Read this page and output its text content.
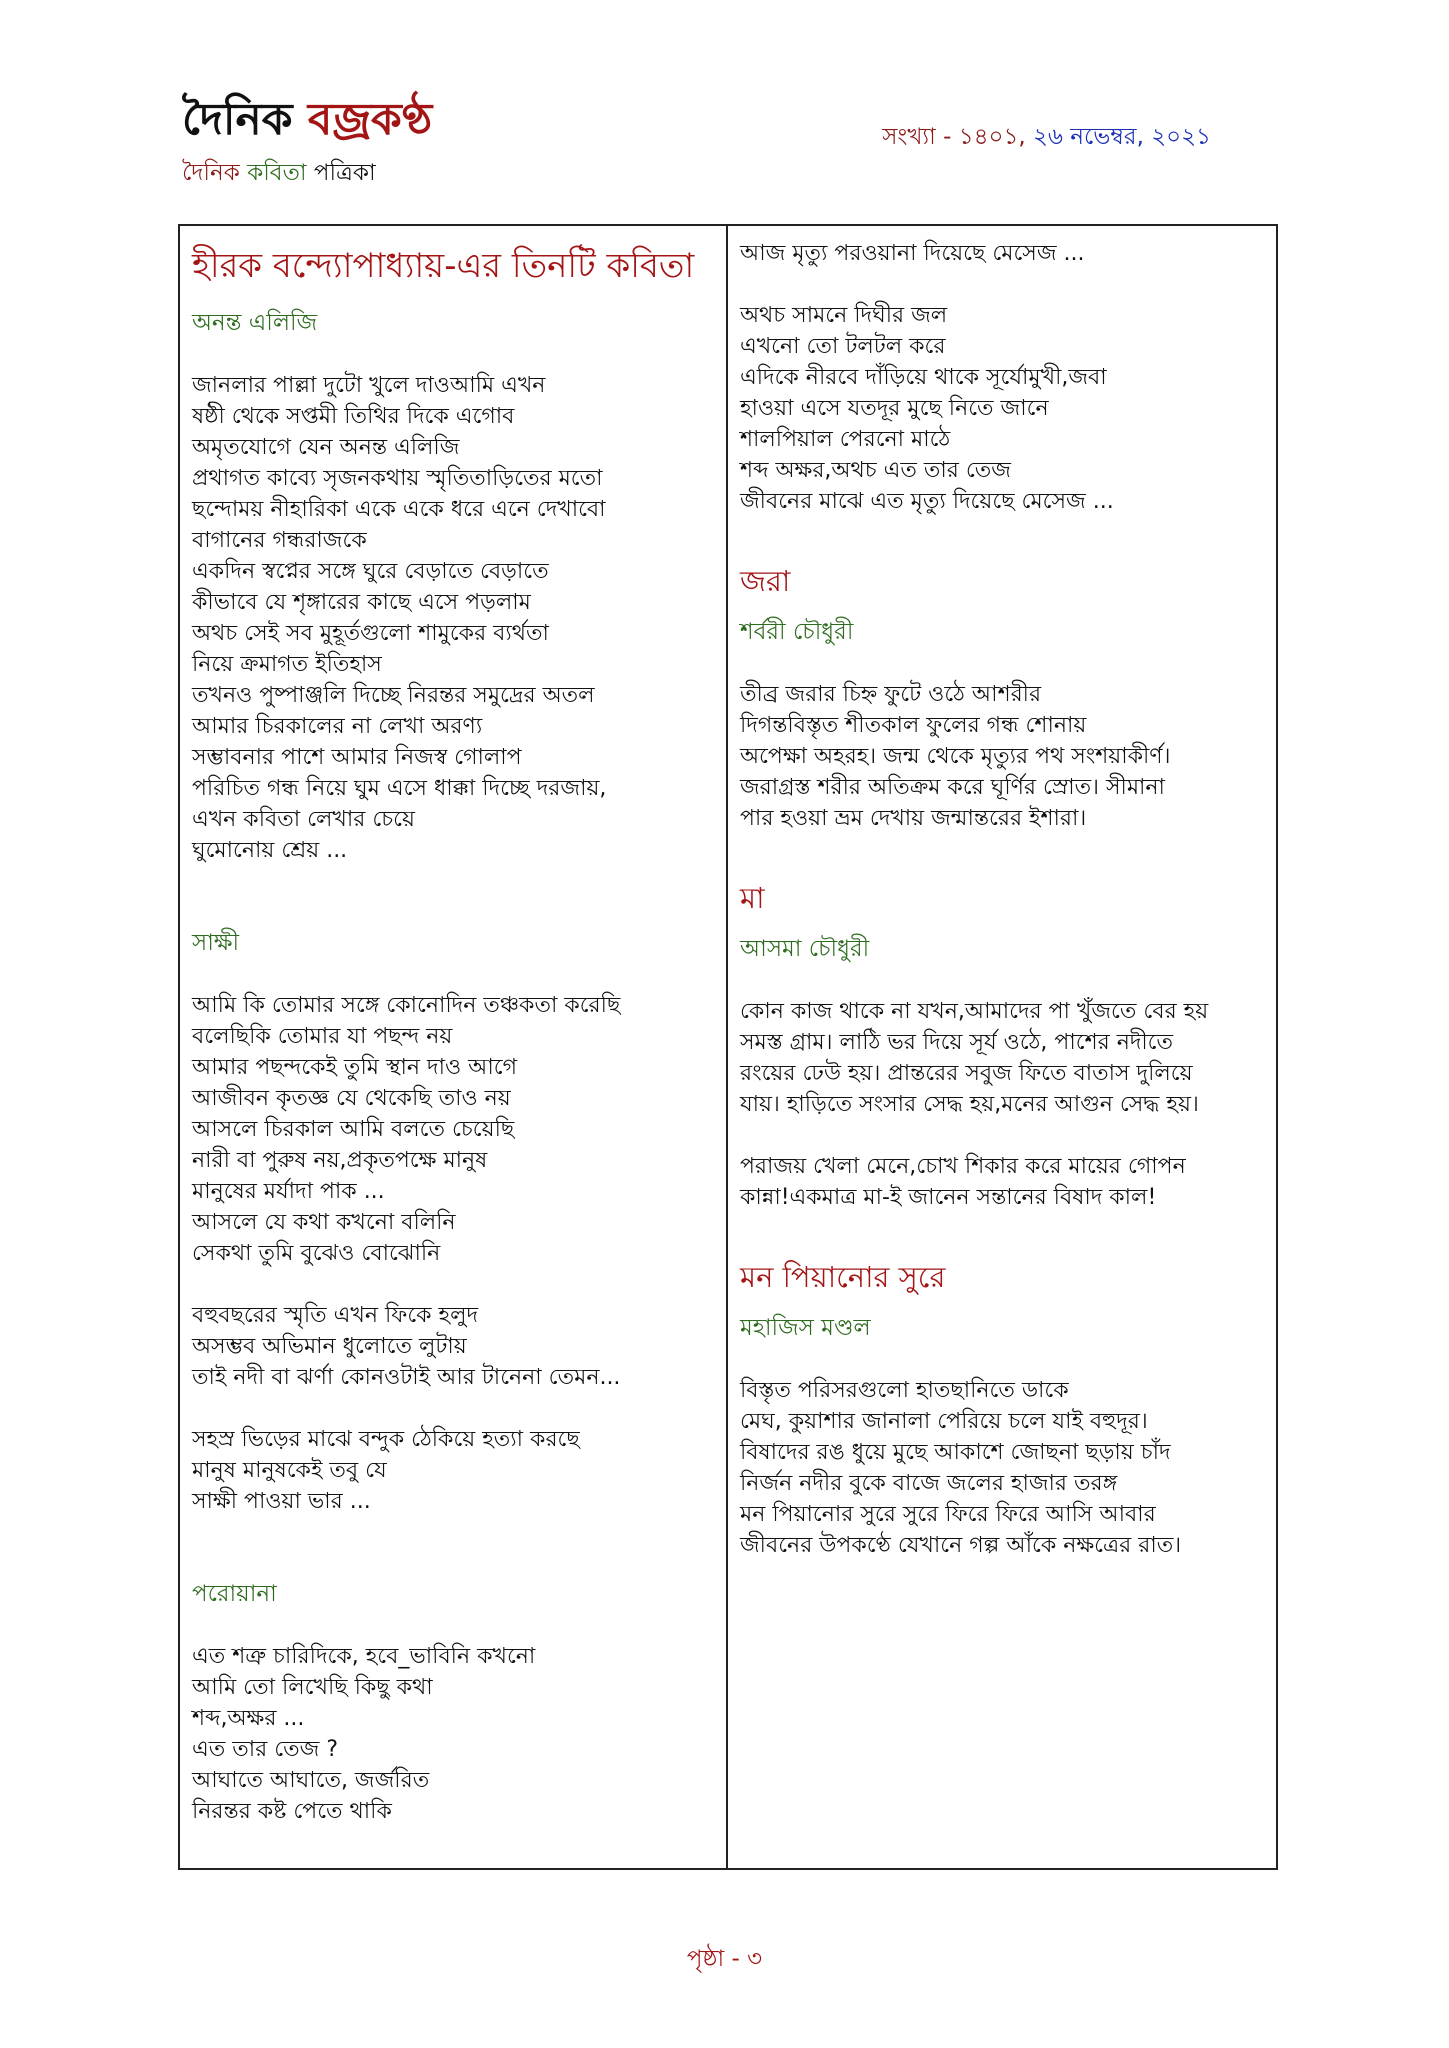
দৈনিক বজ্রকণ্ঠ
দৈনিক কবিতা পত্রিকা
সংখ্যা - ১৪০১, ২৬ নভেম্বর, ২০২১
হীরক বন্দ্যোপাধ্যায়-এর তিনটি কবিতা
অনন্ত এলিজি
জানলার পাল্লা দুটো খুলে দাওআমি এখন
ষষ্ঠী থেকে সপ্তমী তিথির দিকে এগোব
অমৃতযোগে যেন অনন্ত এলিজি
প্রথাগত কাব্যে সৃজনকথায় স্মৃতিতাড়িতের মতো
ছন্দোময় নীহারিকা একে একে ধরে এনে দেখাবো
বাগানের গন্ধরাজকে
একদিন স্বপ্নের সঙ্গে ঘুরে বেড়াতে বেড়াতে
কীভাবে যে শৃঙ্গারের কাছে এসে পড়লাম
অথচ সেই সব মুহূর্তগুলো শামুকের ব্যর্থতা
নিয়ে ক্রমাগত ইতিহাস
তখনও পুষ্পাঞ্জলি দিচ্ছে নিরন্তর সমুদ্রের অতল
আমার চিরকালের না লেখা অরণ্য
সম্ভাবনার পাশে আমার নিজস্ব গোলাপ
পরিচিত গন্ধ নিয়ে ঘুম এসে ধাক্কা দিচ্ছে দরজায়,
এখন কবিতা লেখার চেয়ে
ঘুমোনোয় শ্রেয় ...
সাক্ষী
আমি কি তোমার সঙ্গে কোনোদিন তঞ্চকতা করেছি
বলেছিকি তোমার যা পছন্দ নয়
আমার পছন্দকেই তুমি স্থান দাও আগে
আজীবন কৃতজ্ঞ যে থেকেছি তাও নয়
আসলে চিরকাল আমি বলতে চেয়েছি
নারী বা পুরুষ নয়,প্রকৃতপক্ষে মানুষ
মানুষের মর্যাদা পাক ...
আসলে যে কথা কখনো বলিনি
সেকথা তুমি বুঝেও বোঝোনি
বহুবছরের স্মৃতি এখন ফিকে হলুদ
অসম্ভব অভিমান ধুলোতে লুটায়
তাই নদী বা ঝর্ণা কোনওটাই আর টানেনা তেমন...
সহস্র ভিড়ের মাঝে বন্দুক ঠেকিয়ে হত্যা করছে
মানুষ মানুষকেই তবু যে
সাক্ষী পাওয়া ভার ...
পরোয়ানা
এত শত্রু চারিদিকে, হবে_ভাবিনি কখনো
আমি তো লিখেছি কিছু কথা
শব্দ,অক্ষর ...
এত তার তেজ ?
আঘাতে আঘাতে, জর্জরিত
নিরন্তর কষ্ট পেতে থাকি
আজ মৃত্যু পরওয়ানা দিয়েছে মেসেজ ...
অথচ সামনে দিঘীর জল
এখনো তো টলটল করে
এদিকে নীরবে দাঁড়িয়ে থাকে সূর্যোমুখী,জবা
হাওয়া এসে যতদূর মুছে নিতে জানে
শালপিয়াল পেরনো মাঠে
শব্দ অক্ষর,অথচ এত তার তেজ
জীবনের মাঝে এত মৃত্যু দিয়েছে মেসেজ ...
জরা
শর্বরী চৌধুরী
তীব্র জরার চিহ্ন ফুটে ওঠে আশরীর
দিগন্তবিস্তৃত শীতকাল ফুলের গন্ধ শোনায়
অপেক্ষা অহরহ। জন্ম থেকে মৃত্যুর পথ সংশয়াকীর্ণ।
জরাগ্রস্ত শরীর অতিক্রম করে ঘূর্ণির স্রোত। সীমানা
পার হওয়া ভ্রম দেখায় জন্মান্তরের ইশারা।
মা
আসমা চৌধুরী
কোন কাজ থাকে না যখন,আমাদের পা খুঁজতে বের হয়
সমস্ত গ্রাম। লাঠি ভর দিয়ে সূর্য ওঠে, পাশের নদীতে
রংয়ের ঢেউ হয়। প্রান্তরের সবুজ ফিতে বাতাস দুলিয়ে
যায়। হাড়িতে সংসার সেদ্ধ হয়,মনের আগুন সেদ্ধ হয়।
পরাজয় খেলা মেনে,চোখ শিকার করে মায়ের গোপন
কান্না!একমাত্র মা-ই জানেন সন্তানের বিষাদ কাল!
মন পিয়ানোর সুরে
মহাজিস মণ্ডল
বিস্তৃত পরিসরগুলো হাতছানিতে ডাকে
মেঘ, কুয়াশার জানালা পেরিয়ে চলে যাই বহুদূর।
বিষাদের রঙ ধুয়ে মুছে আকাশে জোছনা ছড়ায় চাঁদ
নির্জন নদীর বুকে বাজে জলের হাজার তরঙ্গ
মন পিয়ানোর সুরে সুরে ফিরে ফিরে আসি আবার
জীবনের উপকণ্ঠে যেখানে গল্প আঁকে নক্ষত্রের রাত।
পৃষ্ঠা - ৩
